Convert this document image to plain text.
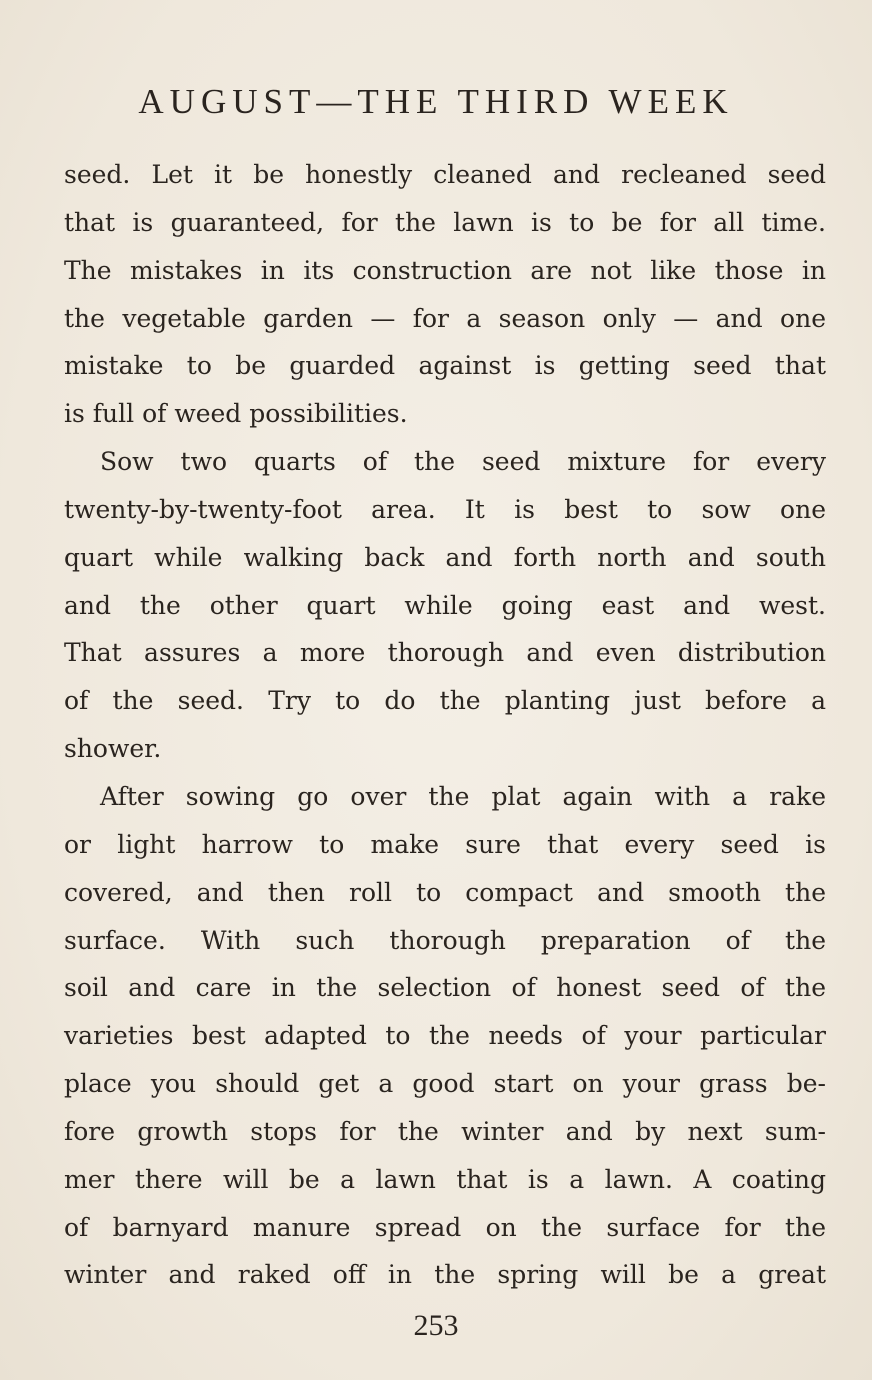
AUGUST—THE THIRD WEEK
seed. Let it be honestly cleaned and recleaned seed
that is guaranteed, for the lawn is to be for all time.
The mistakes in its construction are not like those in
the vegetable garden — for a season only — and one
mistake to be guarded against is getting seed that
is full of weed possibilities.
Sow two quarts of the seed mixture for every
twenty-by-twenty-foot area. It is best to sow one
quart while walking back and forth north and south
and the other quart while going east and west.
That assures a more thorough and even distribution
of the seed. Try to do the planting just before a
shower.
After sowing go over the plat again with a rake
or light harrow to make sure that every seed is
covered, and then roll to compact and smooth the
surface. With such thorough preparation of the
soil and care in the selection of honest seed of the
varieties best adapted to the needs of your particular
place you should get a good start on your grass be-
fore growth stops for the winter and by next sum-
mer there will be a lawn that is a lawn. A coating
of barnyard manure spread on the surface for the
winter and raked off in the spring will be a great
253
